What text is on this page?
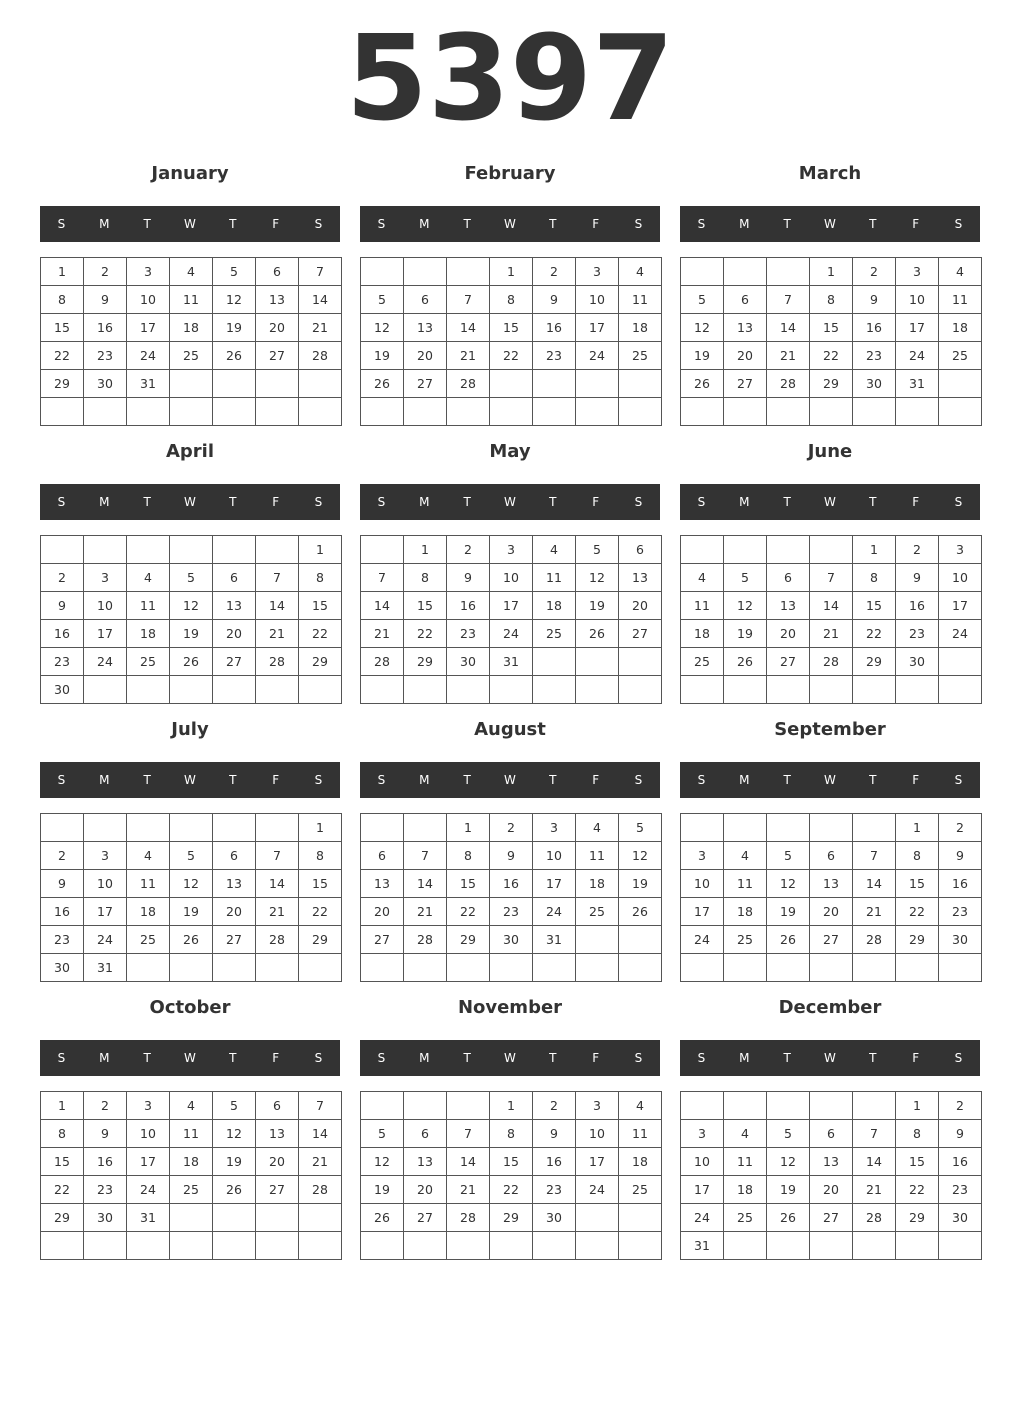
5397
January
S	M	T	W	T	F	S
1	2	3	4	5	6	7
8	9	10	11	12	13	14
15	16	17	18	19	20	21
22	23	24	25	26	27	28
29	30	31				

February
S	M	T	W	T	F	S
			1	2	3	4
5	6	7	8	9	10	11
12	13	14	15	16	17	18
19	20	21	22	23	24	25
26	27	28				

March
S	M	T	W	T	F	S
			1	2	3	4
5	6	7	8	9	10	11
12	13	14	15	16	17	18
19	20	21	22	23	24	25
26	27	28	29	30	31	

April
S	M	T	W	T	F	S
						1
2	3	4	5	6	7	8
9	10	11	12	13	14	15
16	17	18	19	20	21	22
23	24	25	26	27	28	29
30						
May
S	M	T	W	T	F	S
	1	2	3	4	5	6
7	8	9	10	11	12	13
14	15	16	17	18	19	20
21	22	23	24	25	26	27
28	29	30	31			

June
S	M	T	W	T	F	S
				1	2	3
4	5	6	7	8	9	10
11	12	13	14	15	16	17
18	19	20	21	22	23	24
25	26	27	28	29	30	

July
S	M	T	W	T	F	S
						1
2	3	4	5	6	7	8
9	10	11	12	13	14	15
16	17	18	19	20	21	22
23	24	25	26	27	28	29
30	31					
August
S	M	T	W	T	F	S
		1	2	3	4	5
6	7	8	9	10	11	12
13	14	15	16	17	18	19
20	21	22	23	24	25	26
27	28	29	30	31		

September
S	M	T	W	T	F	S
					1	2
3	4	5	6	7	8	9
10	11	12	13	14	15	16
17	18	19	20	21	22	23
24	25	26	27	28	29	30

October
S	M	T	W	T	F	S
1	2	3	4	5	6	7
8	9	10	11	12	13	14
15	16	17	18	19	20	21
22	23	24	25	26	27	28
29	30	31				

November
S	M	T	W	T	F	S
			1	2	3	4
5	6	7	8	9	10	11
12	13	14	15	16	17	18
19	20	21	22	23	24	25
26	27	28	29	30		

December
S	M	T	W	T	F	S
					1	2
3	4	5	6	7	8	9
10	11	12	13	14	15	16
17	18	19	20	21	22	23
24	25	26	27	28	29	30
31						
